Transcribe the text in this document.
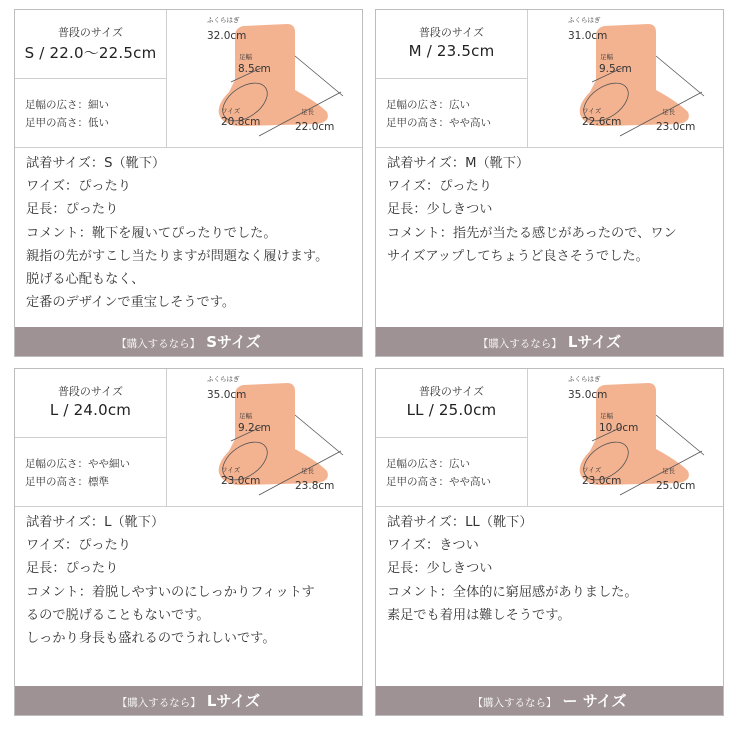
普段のサイズ
S / 22.0〜22.5cm
足幅の広さ：細い
足甲の高さ：低い
ふくらはぎ
32.0cm
足幅
8.5cm
ワイズ
20.8cm
足長
22.0cm
試着サイズ：S（靴下）
ワイズ：ぴったり
足長：ぴったり
コメント：靴下を履いてぴったりでした。
親指の先がすこし当たりますが問題なく履けます。
脱げる心配もなく、
定番のデザインで重宝しそうです。
【購入するなら】 Sサイズ
普段のサイズ
M / 23.5cm
足幅の広さ：広い
足甲の高さ：やや高い
ふくらはぎ
31.0cm
足幅
9.5cm
ワイズ
22.6cm
足長
23.0cm
試着サイズ：M（靴下）
ワイズ：ぴったり
足長：少しきつい
コメント：指先が当たる感じがあったので、ワン
サイズアップしてちょうど良さそうでした。
【購入するなら】 Lサイズ
普段のサイズ
L / 24.0cm
足幅の広さ：やや細い
足甲の高さ：標準
ふくらはぎ
35.0cm
足幅
9.2cm
ワイズ
23.0cm
足長
23.8cm
試着サイズ：L（靴下）
ワイズ：ぴったり
足長：ぴったり
コメント：着脱しやすいのにしっかりフィットす
るので脱げることもないです。
しっかり身長も盛れるのでうれしいです。
【購入するなら】 Lサイズ
普段のサイズ
LL / 25.0cm
足幅の広さ：広い
足甲の高さ：やや高い
ふくらはぎ
35.0cm
足幅
10.0cm
ワイズ
23.0cm
足長
25.0cm
試着サイズ：LL（靴下）
ワイズ：きつい
足長：少しきつい
コメント：全体的に窮屈感がありました。
素足でも着用は難しそうです。
【購入するなら】 ー サイズ
